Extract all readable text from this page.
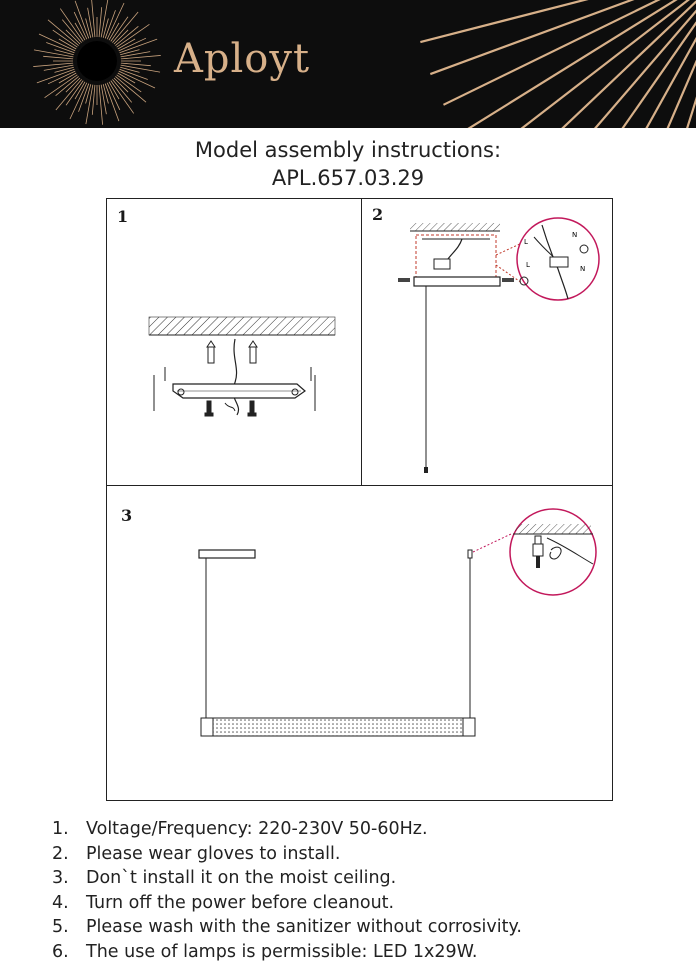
Aployt
Model assembly instructions:
APL.657.03.29
1	2
N
L
L	N
3
1. Voltage/Frequency: 220-230V 50-60Hz.
2. Please wear gloves to install.
3. Don`t install it on the moist ceiling.
4. Turn off the power before cleanout.
5. Please wash with the sanitizer without corrosivity.
6. The use of lamps is permissible: LED 1x29W.
